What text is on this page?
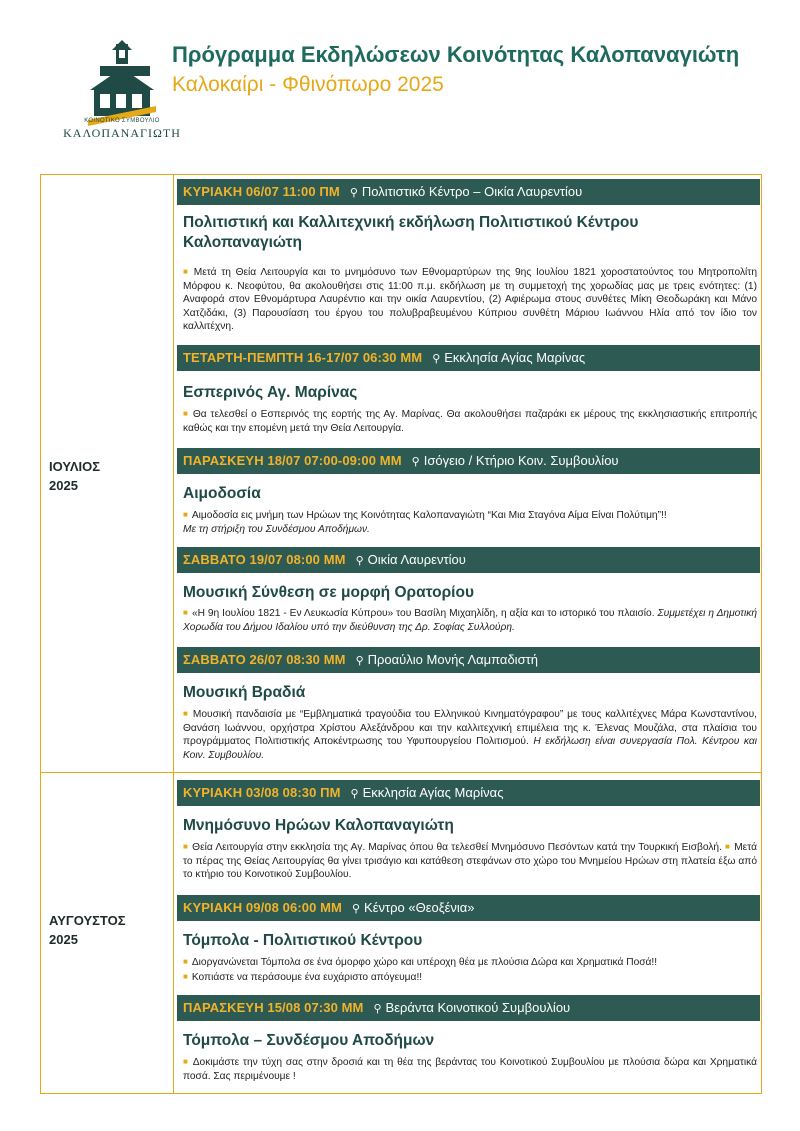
ΚΟΙΝΟΤΙΚΟ ΣΥΜΒΟΥΛΙΟ
ΚΑΛΟΠΑΝΑΓΙΩΤΗ
Πρόγραμμα Εκδηλώσεων Κοινότητας Καλοπαναγιώτη
Καλοκαίρι - Φθινόπωρο 2025
ΙΟΥΛΙΟΣ
2025
ΑΥΓΟΥΣΤΟΣ
2025
ΚΥΡΙΑΚΗ 06/07 11:00 ΠΜ ⚲ Πολιτιστικό Κέντρο – Οικία Λαυρεντίου
Πολιτιστική και Καλλιτεχνική εκδήλωση Πολιτιστικού Κέντρου Καλοπαναγιώτη
■ Μετά τη Θεία Λειτουργία και το μνημόσυνο των Εθνομαρτύρων της 9ης Ιουλίου 1821 χοροστατούντος του Μητροπολίτη Μόρφου κ. Νεοφύτου, θα ακολουθήσει στις 11:00 π.μ. εκδήλωση με τη συμμετοχή της χορωδίας μας με τρεις ενότητες: (1) Αναφορά στον Εθνομάρτυρα Λαυρέντιο και την οικία Λαυρεντίου, (2) Αφιέρωμα στους συνθέτες Μίκη Θεοδωράκη και Μάνο Χατζιδάκι, (3) Παρουσίαση του έργου του πολυβραβευμένου Κύπριου συνθέτη Μάριου Ιωάννου Ηλία από τον ίδιο τον καλλιτέχνη.
ΤΕΤΑΡΤΗ-ΠΕΜΠΤΗ 16-17/07 06:30 ΜΜ ⚲ Εκκλησία Αγίας Μαρίνας
Εσπερινός Αγ. Μαρίνας
■ Θα τελεσθεί ο Εσπερινός της εορτής της Αγ. Μαρίνας. Θα ακολουθήσει παζαράκι εκ μέρους της εκκλησιαστικής επιτροπής καθώς και την επομένη μετά την Θεία Λειτουργία.
ΠΑΡΑΣΚΕΥΗ 18/07 07:00-09:00 ΜΜ ⚲ Ισόγειο / Κτήριο Κοιν. Συμβουλίου
Αιμοδοσία
■ Αιμοδοσία εις μνήμη των Ηρώων της Κοινότητας Καλοπαναγιώτη “Και Μια Σταγόνα Αίμα Είναι Πολύτιμη”!!
Με τη στήριξη του Συνδέσμου Αποδήμων.
ΣΑΒΒΑΤΟ 19/07 08:00 ΜΜ ⚲ Οικία Λαυρεντίου
Μουσική Σύνθεση σε μορφή Ορατορίου
■ «Η 9η Ιουλίου 1821 - Εν Λευκωσία Κύπρου» του Βασίλη Μιχαηλίδη, η αξία και το ιστορικό του πλαισίο. Συμμετέχει η Δημοτική Χορωδία του Δήμου Ιδαλίου υπό την διεύθυνση της Δρ. Σοφίας Συλλούρη.
ΣΑΒΒΑΤΟ 26/07 08:30 ΜΜ ⚲ Προαύλιο Μονής Λαμπαδιστή
Μουσική Βραδιά
■ Μουσική πανδαισία με “Εμβληματικά τραγούδια του Ελληνικού Κινηματόγραφου” με τους καλλιτέχνες Μάρα Κωνσταντίνου, Θανάση Ιωάννου, ορχήστρα Χρίστου Αλεξάνδρου και την καλλιτεχνική επιμέλεια της κ. Έλενας Μουζάλα, στα πλαίσια του προγράμματος Πολιτιστικής Αποκέντρωσης του Υφυπουργείου Πολιτισμού. Η εκδήλωση είναι συνεργασία Πολ. Κέντρου και Κοιν. Συμβουλίου.
ΚΥΡΙΑΚΗ 03/08 08:30 ΠΜ ⚲ Εκκλησία Αγίας Μαρίνας
Μνημόσυνο Ηρώων Καλοπαναγιώτη
■ Θεία Λειτουργία στην εκκλησία της Αγ. Μαρίνας όπου θα τελεσθεί Μνημόσυνο Πεσόντων κατά την Τουρκική Εισβολή. ■ Μετά το πέρας της Θείας Λειτουργίας θα γίνει τρισάγιο και κατάθεση στεφάνων στο χώρο του Μνημείου Ηρώων στη πλατεία έξω από το κτήριο του Κοινοτικού Συμβουλίου.
ΚΥΡΙΑΚΗ 09/08 06:00 ΜΜ ⚲ Κέντρο «Θεοξένια»
Τόμπολα - Πολιτιστικού Κέντρου
■ Διοργανώνεται Τόμπολα σε ένα όμορφο χώρο και υπέροχη θέα με πλούσια Δώρα και Χρηματικά Ποσά!!
■ Κοπιάστε να περάσουμε ένα ευχάριστο απόγευμα!!
ΠΑΡΑΣΚΕΥΗ 15/08 07:30 ΜΜ ⚲ Βεράντα Κοινοτικού Συμβουλίου
Τόμπολα – Συνδέσμου Αποδήμων
■ Δοκιμάστε την τύχη σας στην δροσιά και τη θέα της βεράντας του Κοινοτικού Συμβουλίου με πλούσια δώρα και Χρηματικά ποσά. Σας περιμένουμε !
